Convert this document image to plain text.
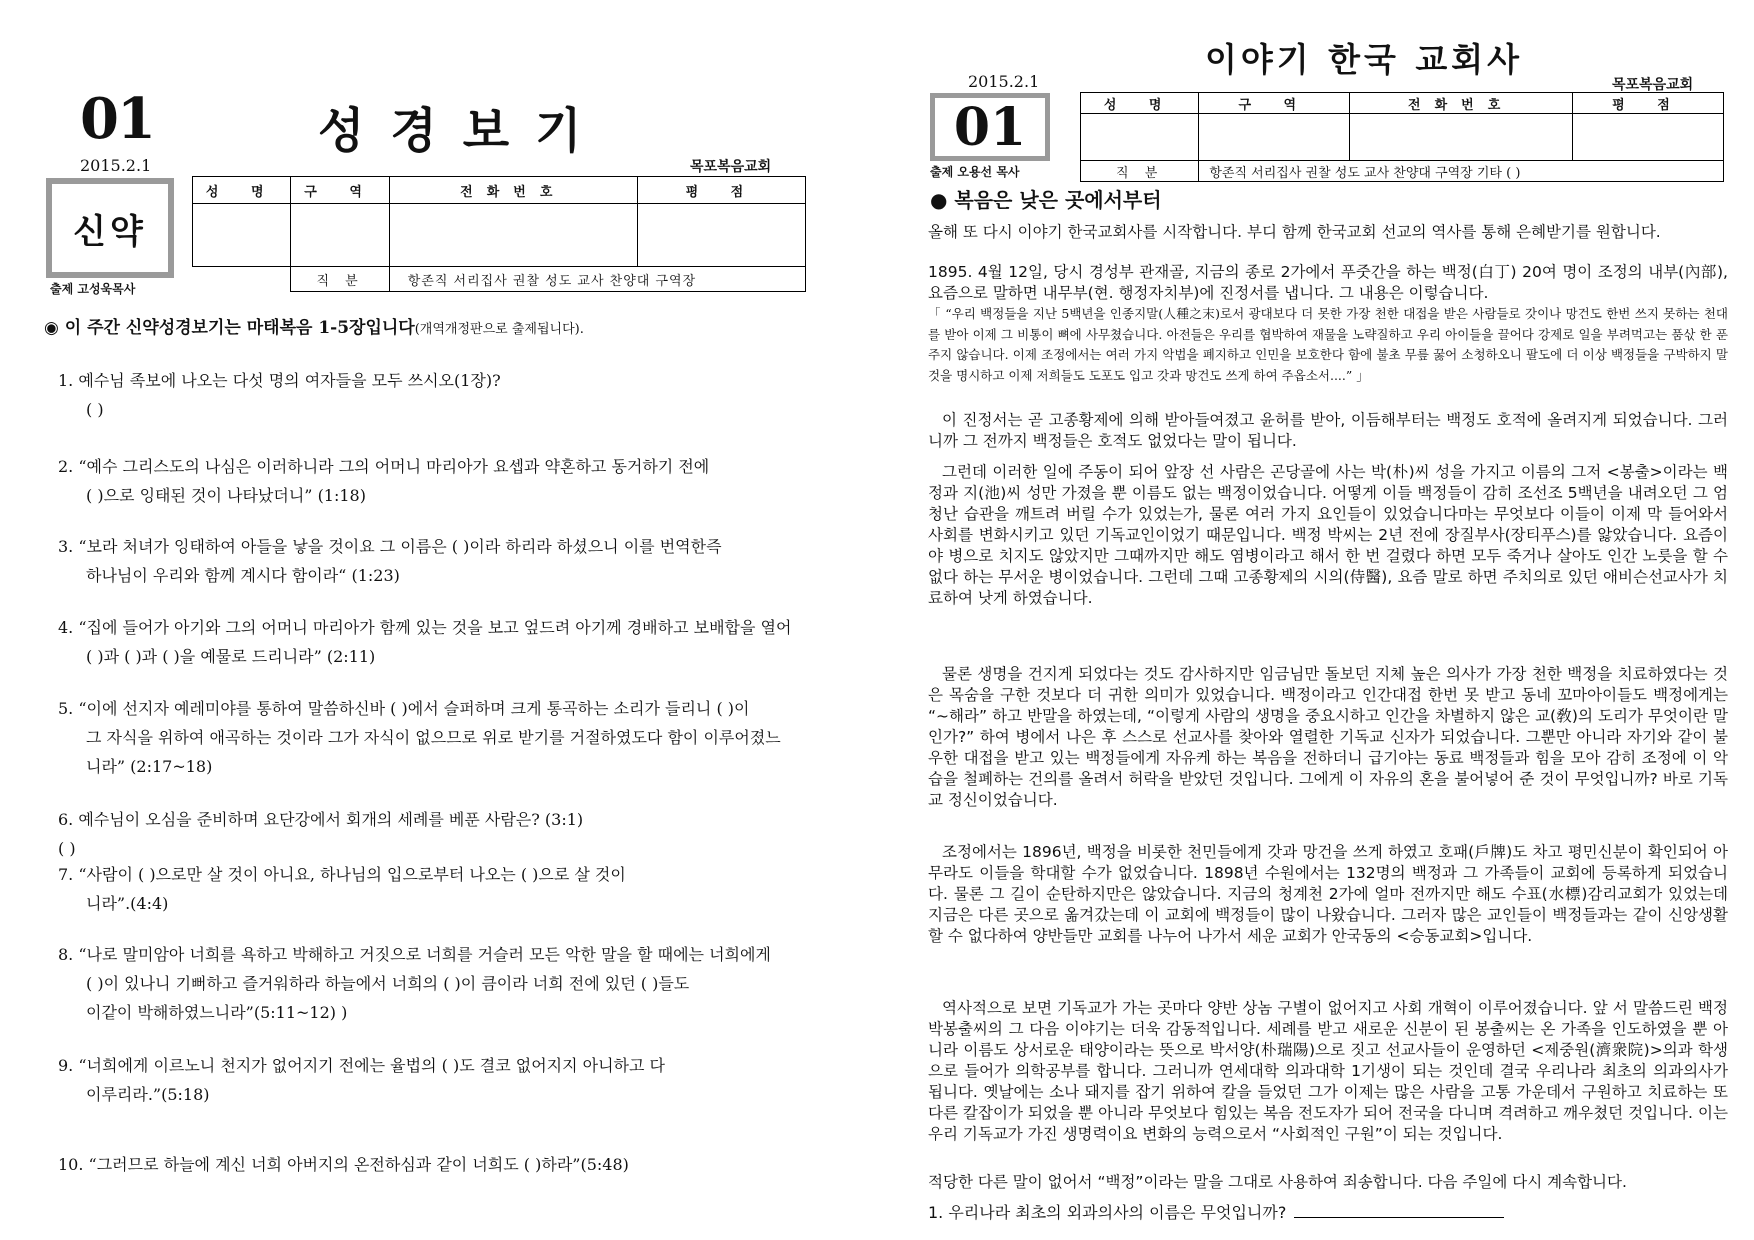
01	성경보기
2015.2.1	목포복음교회
신약
출제 고성욱목사
성 명	구 역	전화번호	평 점

	직 분	항존직 서리집사 권찰 성도 교사 찬양대 구역장	
◉ 이 주간 신약성경보기는 마태복음 1-5장입니다(개역개정판으로 출제됩니다).
1. 예수님 족보에 나오는 다섯 명의 여자들을 모두 쓰시오(1장)?
( )
2. “예수 그리스도의 나심은 이러하니라 그의 어머니 마리아가 요셉과 약혼하고 동거하기 전에
( )으로 잉태된 것이 나타났더니” (1:18)
3. “보라 처녀가 잉태하여 아들을 낳을 것이요 그 이름은 ( )이라 하리라 하셨으니 이를 번역한즉
하나님이 우리와 함께 계시다 함이라“ (1:23)
4. “집에 들어가 아기와 그의 어머니 마리아가 함께 있는 것을 보고 엎드려 아기께 경배하고 보배합을 열어
( )과 ( )과 ( )을 예물로 드리니라” (2:11)
5. “이에 선지자 예레미야를 통하여 말씀하신바 ( )에서 슬퍼하며 크게 통곡하는 소리가 들리니 ( )이
그 자식을 위하여 애곡하는 것이라 그가 자식이 없으므로 위로 받기를 거절하였도다 함이 이루어졌느
니라” (2:17~18)
6. 예수님이 오심을 준비하며 요단강에서 회개의 세례를 베푼 사람은? (3:1)
( )
7. “사람이 ( )으로만 살 것이 아니요, 하나님의 입으로부터 나오는 ( )으로 살 것이
니라”.(4:4)
8. “나로 말미암아 너희를 욕하고 박해하고 거짓으로 너희를 거슬러 모든 악한 말을 할 때에는 너희에게
( )이 있나니 기뻐하고 즐거워하라 하늘에서 너희의 ( )이 큼이라 너희 전에 있던 ( )들도
이같이 박해하였느니라”(5:11~12) )
9. “너희에게 이르노니 천지가 없어지기 전에는 율법의 ( )도 결코 없어지지 아니하고 다
이루리라.”(5:18)
10. “그러므로 하늘에 계신 너희 아버지의 온전하심과 같이 너희도 ( )하라”(5:48)
이야기 한국 교회사
2015.2.1	목포복음교회
01
출제 오용선 목사
성 명	구 역	전화번호	평 점

직 분	항존직 서리집사 권찰 성도 교사 찬양대 구역장 기타 ( )		
● 복음은 낮은 곳에서부터
올해 또 다시 이야기 한국교회사를 시작합니다. 부디 함께 한국교회 선교의 역사를 통해 은혜받기를 원합니다.
1895. 4월 12일, 당시 경성부 관재골, 지금의 종로 2가에서 푸줏간을 하는 백정(白丁) 20여 명이 조정의 내부(內部), 요즘으로 말하면 내무부(현. 행정자치부)에 진정서를 냅니다. 그 내용은 이렇습니다.
「 “우리 백정들을 지난 5백년을 인종지말(人種之末)로서 광대보다 더 못한 가장 천한 대접을 받은 사람들로 갓이나 망건도 한번 쓰지 못하는 천대를 받아 이제 그 비통이 뼈에 사무쳤습니다. 아전들은 우리를 협박하여 재물을 노략질하고 우리 아이들을 끌어다 강제로 일을 부려먹고는 품삯 한 푼 주지 않습니다. 이제 조정에서는 여러 가지 악법을 폐지하고 인민을 보호한다 함에 불초 무릎 꿇어 소청하오니 팔도에 더 이상 백정들을 구박하지 말 것을 명시하고 이제 저희들도 도포도 입고 갓과 망건도 쓰게 하여 주옵소서....” 」
이 진정서는 곧 고종황제에 의해 받아들여졌고 윤허를 받아, 이듬해부터는 백정도 호적에 올려지게 되었습니다. 그러니까 그 전까지 백정들은 호적도 없었다는 말이 됩니다.
그런데 이러한 일에 주동이 되어 앞장 선 사람은 곤당골에 사는 박(朴)씨 성을 가지고 이름의 그저 <봉출>이라는 백정과 지(池)씨 성만 가졌을 뿐 이름도 없는 백정이었습니다. 어떻게 이들 백정들이 감히 조선조 5백년을 내려오던 그 엄청난 습관을 깨트려 버릴 수가 있었는가, 물론 여러 가지 요인들이 있었습니다마는 무엇보다 이들이 이제 막 들어와서 사회를 변화시키고 있던 기독교인이었기 때문입니다. 백정 박씨는 2년 전에 장질부사(장티푸스)를 앓았습니다. 요즘이야 병으로 치지도 않았지만 그때까지만 해도 염병이라고 해서 한 번 걸렸다 하면 모두 죽거나 살아도 인간 노릇을 할 수 없다 하는 무서운 병이었습니다. 그런데 그때 고종황제의 시의(侍醫), 요즘 말로 하면 주치의로 있던 애비슨선교사가 치료하여 낫게 하였습니다.
물론 생명을 건지게 되었다는 것도 감사하지만 임금님만 돌보던 지체 높은 의사가 가장 천한 백정을 치료하였다는 것은 목숨을 구한 것보다 더 귀한 의미가 있었습니다. 백정이라고 인간대접 한번 못 받고 동네 꼬마아이들도 백정에게는 “~해라” 하고 반말을 하였는데, “이렇게 사람의 생명을 중요시하고 인간을 차별하지 않은 교(敎)의 도리가 무엇이란 말인가?” 하여 병에서 나은 후 스스로 선교사를 찾아와 열렬한 기독교 신자가 되었습니다. 그뿐만 아니라 자기와 같이 불우한 대접을 받고 있는 백정들에게 자유케 하는 복음을 전하더니 급기야는 동료 백정들과 힘을 모아 감히 조정에 이 악습을 철폐하는 건의를 올려서 허락을 받았던 것입니다. 그에게 이 자유의 혼을 불어넣어 준 것이 무엇입니까? 바로 기독교 정신이었습니다.
조정에서는 1896년, 백정을 비롯한 천민들에게 갓과 망건을 쓰게 하였고 호패(戶牌)도 차고 평민신분이 확인되어 아무라도 이들을 학대할 수가 없었습니다. 1898년 수원에서는 132명의 백정과 그 가족들이 교회에 등록하게 되었습니다. 물론 그 길이 순탄하지만은 않았습니다. 지금의 청계천 2가에 얼마 전까지만 해도 수표(水標)감리교회가 있었는데 지금은 다른 곳으로 옮겨갔는데 이 교회에 백정들이 많이 나왔습니다. 그러자 많은 교인들이 백정들과는 같이 신앙생활 할 수 없다하여 양반들만 교회를 나누어 나가서 세운 교회가 안국동의 <승동교회>입니다.
역사적으로 보면 기독교가 가는 곳마다 양반 상놈 구별이 없어지고 사회 개혁이 이루어졌습니다. 앞 서 말씀드린 백정 박봉출씨의 그 다음 이야기는 더욱 감동적입니다. 세례를 받고 새로운 신분이 된 봉출씨는 온 가족을 인도하였을 뿐 아니라 이름도 상서로운 태양이라는 뜻으로 박서양(朴瑞陽)으로 짓고 선교사들이 운영하던 <제중원(濟衆院)>의과 학생으로 들어가 의학공부를 합니다. 그러니까 연세대학 의과대학 1기생이 되는 것인데 결국 우리나라 최초의 의과의사가 됩니다. 옛날에는 소나 돼지를 잡기 위하여 칼을 들었던 그가 이제는 많은 사람을 고통 가운데서 구원하고 치료하는 또 다른 칼잡이가 되었을 뿐 아니라 무엇보다 힘있는 복음 전도자가 되어 전국을 다니며 격려하고 깨우쳤던 것입니다. 이는 우리 기독교가 가진 생명력이요 변화의 능력으로서 “사회적인 구원”이 되는 것입니다.
적당한 다른 말이 없어서 “백정”이라는 말을 그대로 사용하여 죄송합니다. 다음 주일에 다시 계속합니다.
1. 우리나라 최초의 외과의사의 이름은 무엇입니까?
